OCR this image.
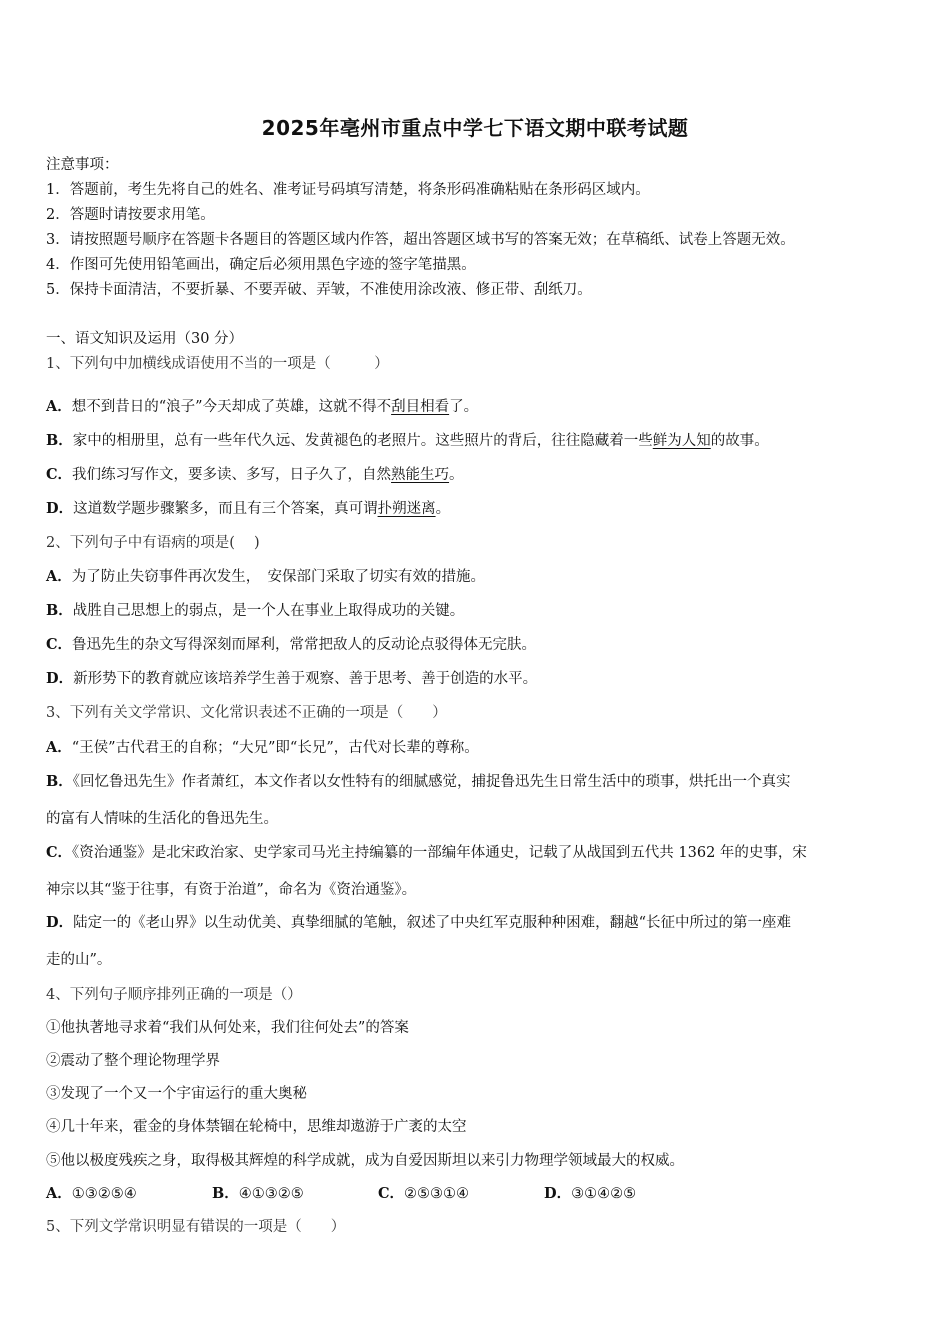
2025年亳州市重点中学七下语文期中联考试题
注意事项：
1．答题前，考生先将自己的姓名、准考证号码填写清楚，将条形码准确粘贴在条形码区域内。
2．答题时请按要求用笔。
3．请按照题号顺序在答题卡各题目的答题区域内作答，超出答题区域书写的答案无效；在草稿纸、试卷上答题无效。
4．作图可先使用铅笔画出，确定后必须用黑色字迹的签字笔描黑。
5．保持卡面清洁，不要折暴、不要弄破、弄皱，不准使用涂改液、修正带、刮纸刀。
一、语文知识及运用（30 分）
1、下列句中加横线成语使用不当的一项是（　　　）
A．想不到昔日的“浪子”今天却成了英雄，这就不得不刮目相看了。
B．家中的相册里，总有一些年代久远、发黄褪色的老照片。这些照片的背后，往往隐藏着一些鲜为人知的故事。
C．我们练习写作文，要多读、多写，日子久了，自然熟能生巧。
D．这道数学题步骤繁多，而且有三个答案，真可谓扑朔迷离。
2、下列句子中有语病的项是(　 )
A．为了防止失窃事件再次发生，　安保部门采取了切实有效的措施。
B．战胜自己思想上的弱点，是一个人在事业上取得成功的关键。
C．鲁迅先生的杂文写得深刻而犀利，常常把敌人的反动论点驳得体无完肤。
D．新形势下的教育就应该培养学生善于观察、善于思考、善于创造的水平。
3、下列有关文学常识、文化常识表述不正确的一项是（　　）
A．“王侯”古代君王的自称；“大兄”即“长兄”，古代对长辈的尊称。
B．《回忆鲁迅先生》作者萧红，本文作者以女性特有的细腻感觉，捕捉鲁迅先生日常生活中的琐事，烘托出一个真实
的富有人情味的生活化的鲁迅先生。
C．《资治通鉴》是北宋政治家、史学家司马光主持编纂的一部编年体通史，记载了从战国到五代共 1362 年的史事，宋
神宗以其“鉴于往事，有资于治道”，命名为《资治通鉴》。
D．陆定一的《老山界》以生动优美、真挚细腻的笔触，叙述了中央红军克服种种困难，翻越“长征中所过的第一座难
走的山”。
4、下列句子顺序排列正确的一项是（）
①他执著地寻求着“我们从何处来，我们往何处去”的答案
②震动了整个理论物理学界
③发现了一个又一个宇宙运行的重大奥秘
④几十年来，霍金的身体禁锢在轮椅中，思维却遨游于广袤的太空
⑤他以极度残疾之身，取得极其辉煌的科学成就，成为自爱因斯坦以来引力物理学领域最大的权威。
A．①③②⑤④	B．④①③②⑤	C．②⑤③①④	D．③①④②⑤
5、下列文学常识明显有错误的一项是（　　）
